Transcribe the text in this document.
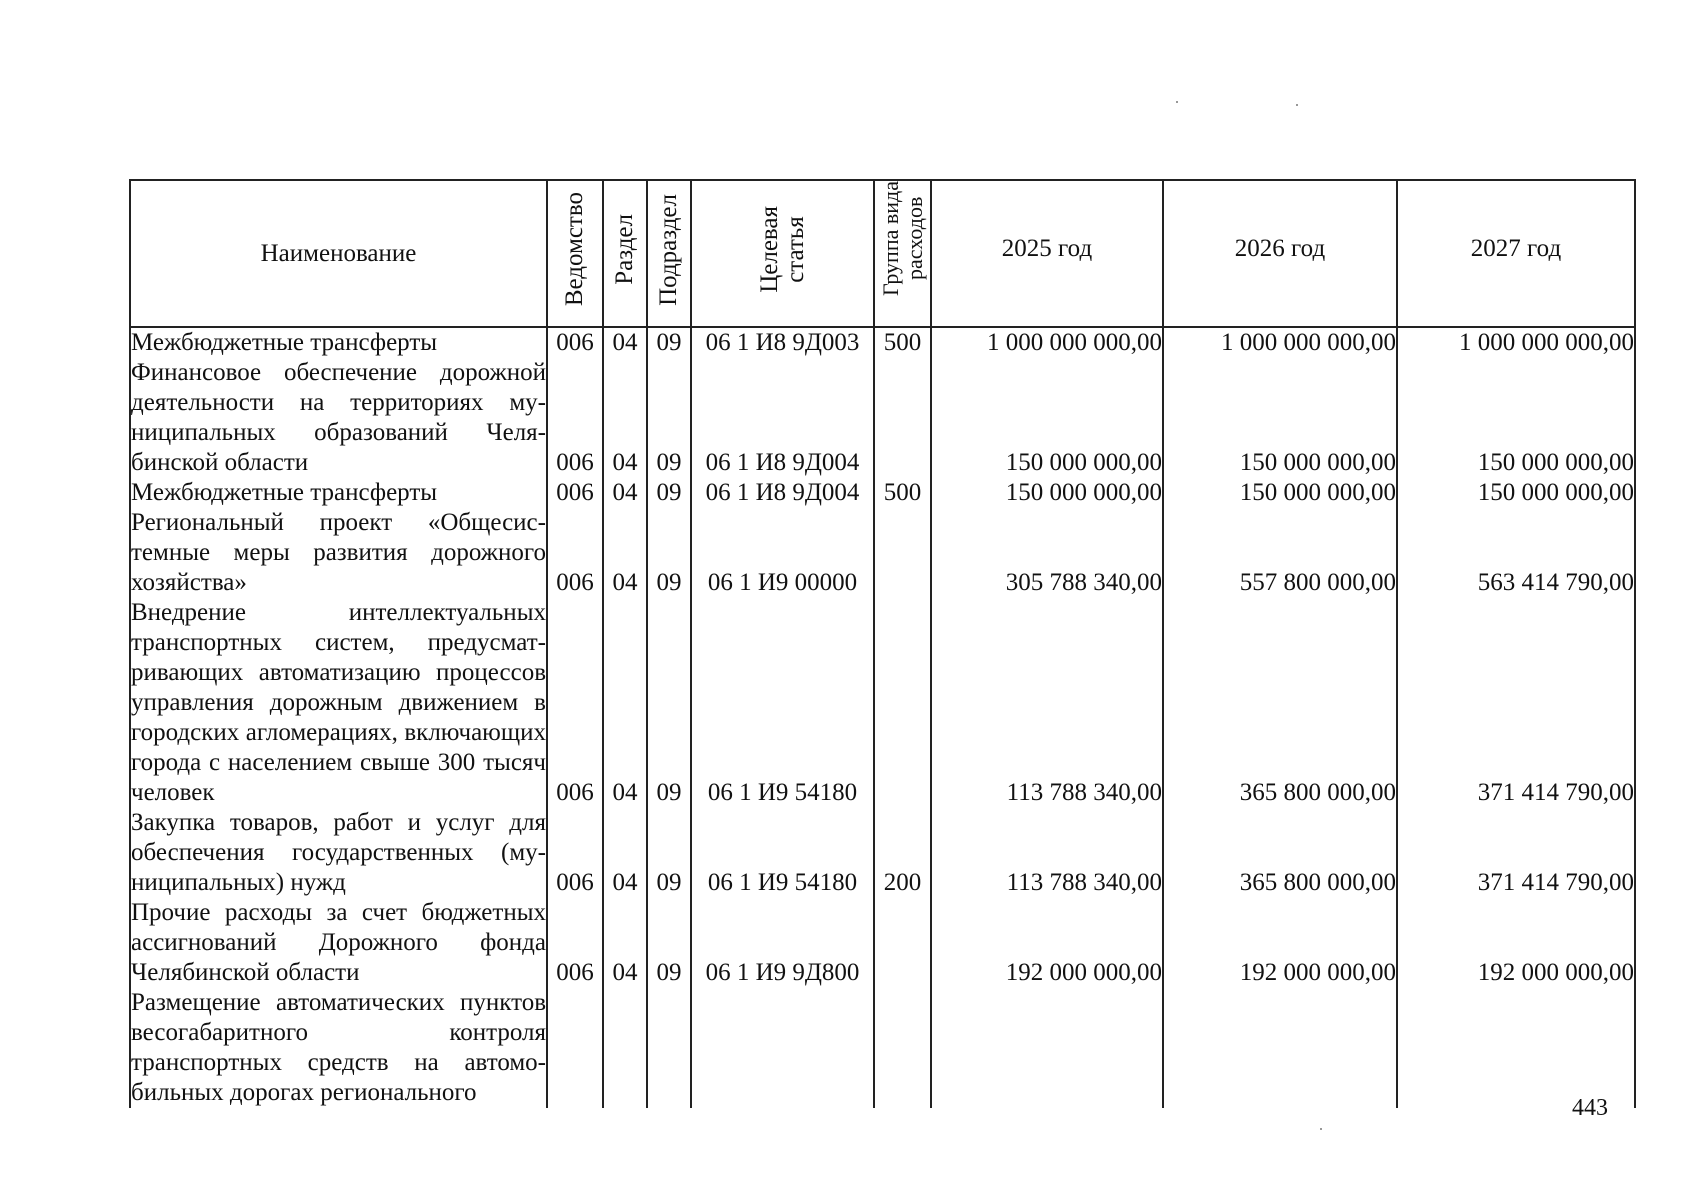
Наименование	Ведомство	Раздел	Подраздел	Целевая статья	Группа вида расходов	2025 год	2026 год	2027 год
Межбюджетные трансферты	006	04	09	06 1 И8 9Д003	500	1 000 000 000,00	1 000 000 000,00	1 000 000 000,00
Финансовое обеспечение дорожной деятельности на территориях муниципальных образований Челябинской области	006	04	09	06 1 И8 9Д004		150 000 000,00	150 000 000,00	150 000 000,00
Межбюджетные трансферты	006	04	09	06 1 И8 9Д004	500	150 000 000,00	150 000 000,00	150 000 000,00
Региональный проект «Общесистемные меры развития дорожного хозяйства»	006	04	09	06 1 И9 00000		305 788 340,00	557 800 000,00	563 414 790,00
Внедрение интеллектуальных транспортных систем, предусматривающих автоматизацию процессов управления дорожным движением в городских агломерациях, включающих города с населением свыше 300 тысяч человек	006	04	09	06 1 И9 54180		113 788 340,00	365 800 000,00	371 414 790,00
Закупка товаров, работ и услуг для обеспечения государственных (муниципальных) нужд	006	04	09	06 1 И9 54180	200	113 788 340,00	365 800 000,00	371 414 790,00
Прочие расходы за счет бюджетных ассигнований Дорожного фонда Челябинской области	006	04	09	06 1 И9 9Д800		192 000 000,00	192 000 000,00	192 000 000,00
Размещение автоматических пунктов весогабаритного контроля транспортных средств на автомобильных дорогах регионального								
443
